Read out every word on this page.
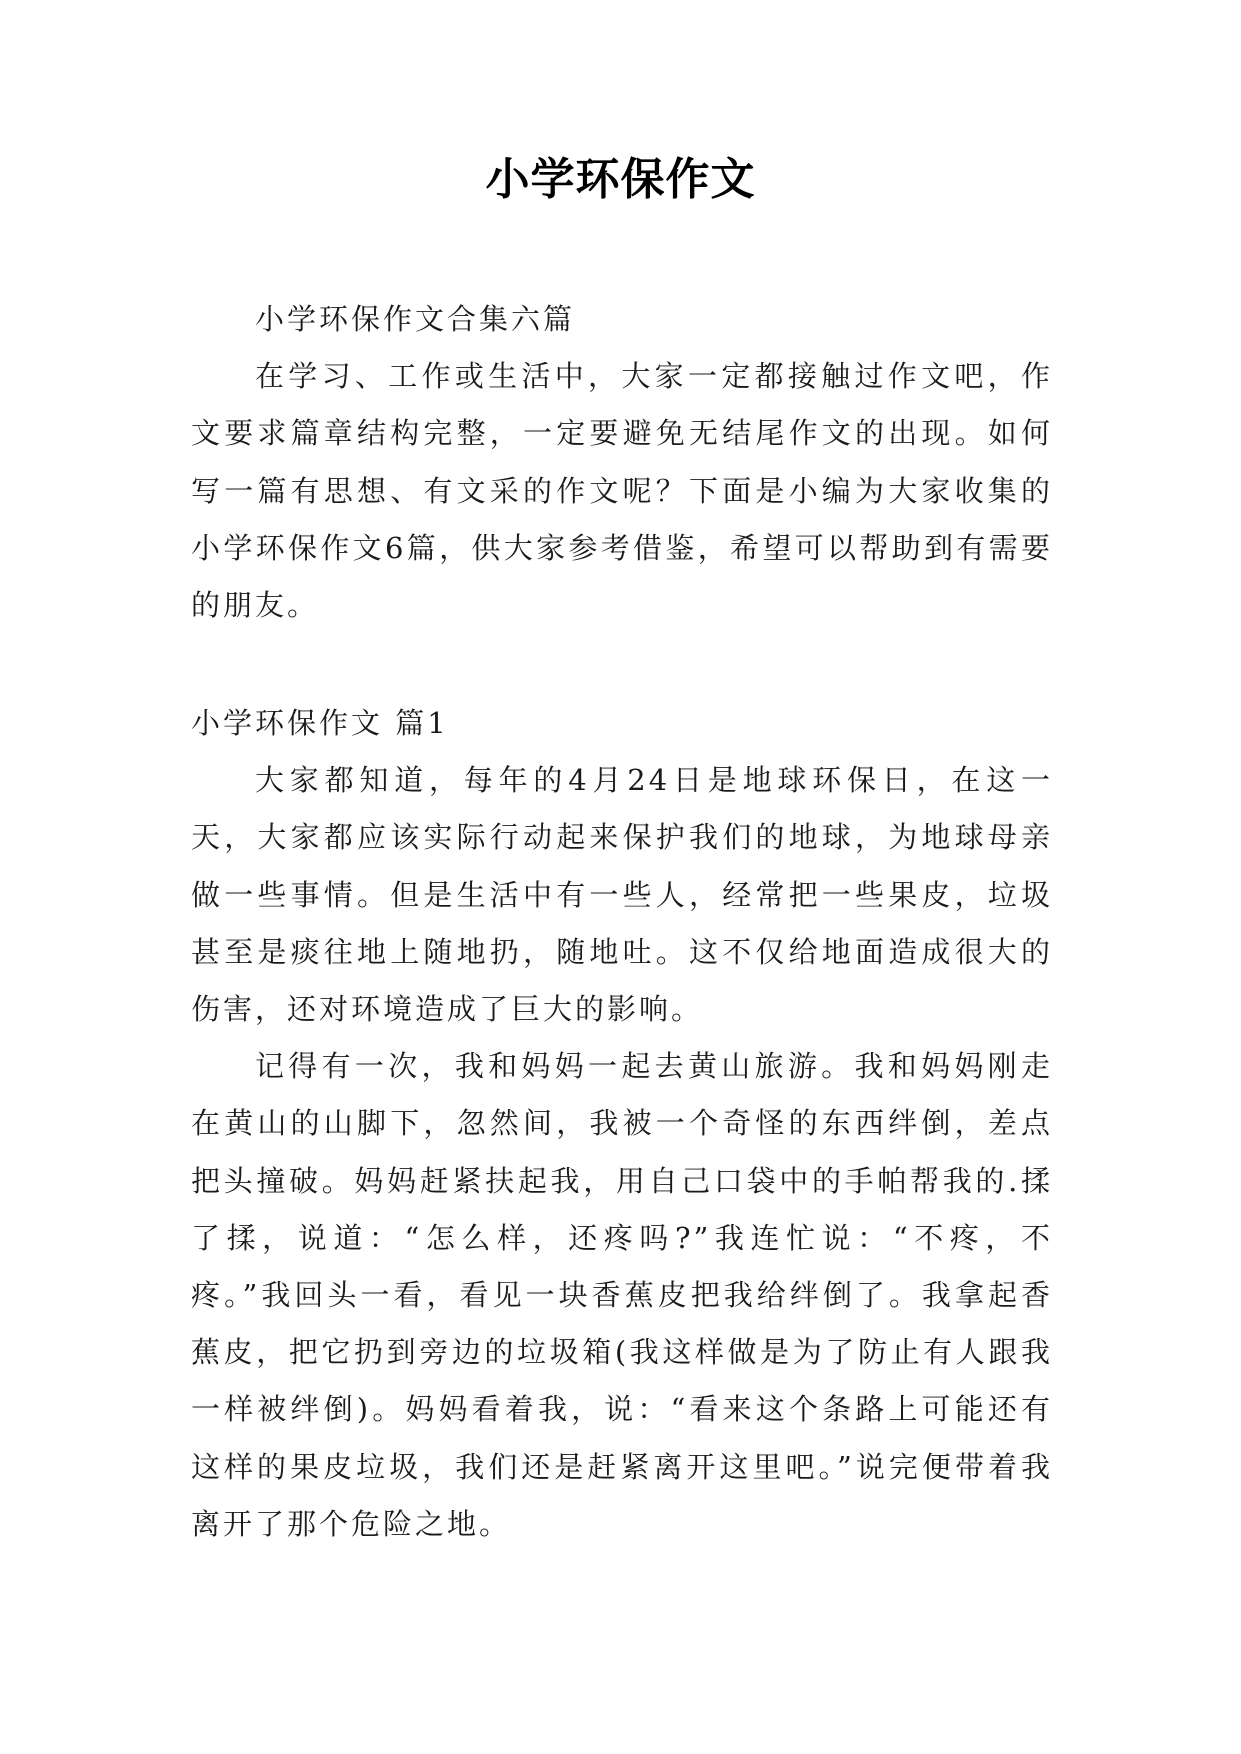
小学环保作文

小学环保作文合集六篇

在学习、工作或生活中，大家一定都接触过作文吧，作文要求篇章结构完整，一定要避免无结尾作文的出现。如何写一篇有思想、有文采的作文呢？下面是小编为大家收集的小学环保作文6篇，供大家参考借鉴，希望可以帮助到有需要的朋友。

小学环保作文 篇1

大家都知道，每年的4月24日是地球环保日，在这一天，大家都应该实际行动起来保护我们的地球，为地球母亲做一些事情。但是生活中有一些人，经常把一些果皮，垃圾甚至是痰往地上随地扔，随地吐。这不仅给地面造成很大的伤害，还对环境造成了巨大的影响。

记得有一次，我和妈妈一起去黄山旅游。我和妈妈刚走在黄山的山脚下，忽然间，我被一个奇怪的东西绊倒，差点把头撞破。妈妈赶紧扶起我，用自己口袋中的手帕帮我的.揉了揉，说道：“怎么样，还疼吗?”我连忙说：“不疼，不疼。”我回头一看，看见一块香蕉皮把我给绊倒了。我拿起香蕉皮，把它扔到旁边的垃圾箱(我这样做是为了防止有人跟我一样被绊倒)。妈妈看着我，说：“看来这个条路上可能还有这样的果皮垃圾，我们还是赶紧离开这里吧。”说完便带着我离开了那个危险之地。
